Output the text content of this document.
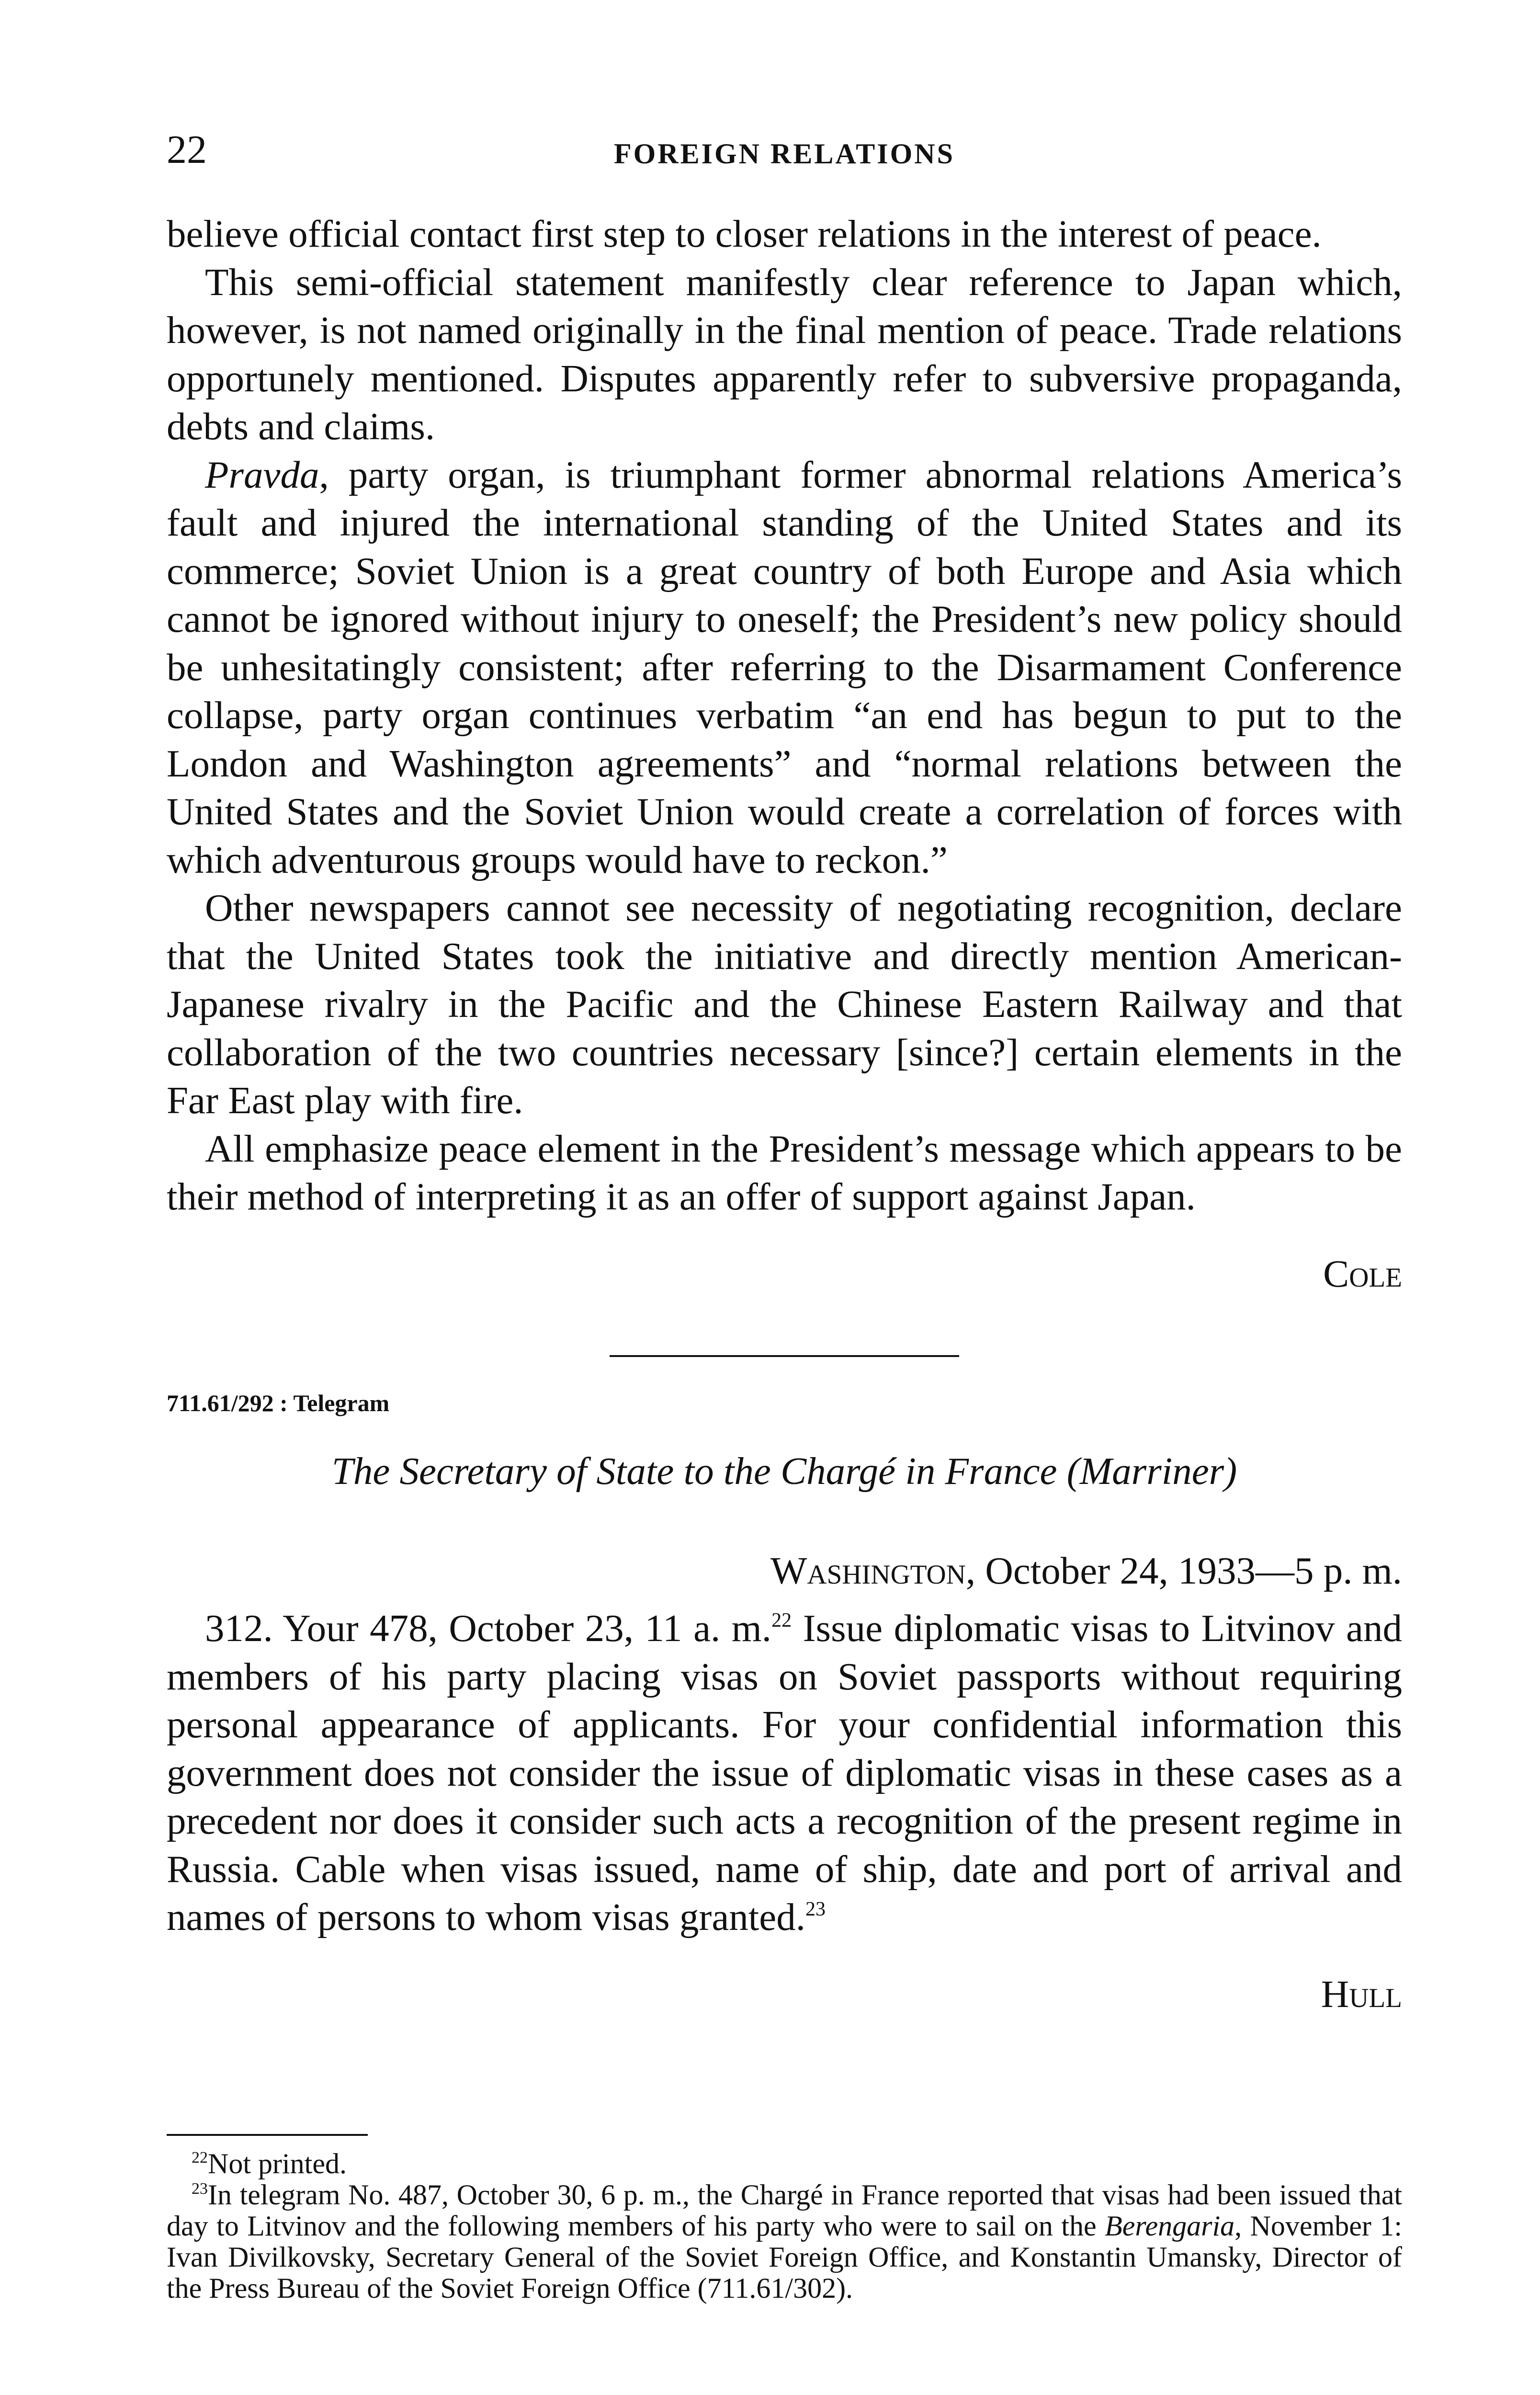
22	FOREIGN RELATIONS

believe official contact first step to closer relations in the interest of peace.

This semi-official statement manifestly clear reference to Japan which, however, is not named originally in the final mention of peace. Trade relations opportunely mentioned. Disputes apparently refer to subversive propaganda, debts and claims.

Pravda, party organ, is triumphant former abnormal relations America’s fault and injured the international standing of the United States and its commerce; Soviet Union is a great country of both Europe and Asia which cannot be ignored without injury to oneself; the President’s new policy should be unhesitatingly consistent; after referring to the Disarmament Conference collapse, party organ continues verbatim “an end has begun to put to the London and Washington agreements” and “normal relations between the United States and the Soviet Union would create a correlation of forces with which adventurous groups would have to reckon.”

Other newspapers cannot see necessity of negotiating recognition, declare that the United States took the initiative and directly mention American-Japanese rivalry in the Pacific and the Chinese Eastern Railway and that collaboration of the two countries necessary [since?] certain elements in the Far East play with fire.

All emphasize peace element in the President’s message which appears to be their method of interpreting it as an offer of support against Japan.

Cole
711.61/292 : Telegram
The Secretary of State to the Chargé in France (Marriner)
Washington, October 24, 1933—5 p. m.

312. Your 478, October 23, 11 a. m.$^{22}$ Issue diplomatic visas to Litvinov and members of his party placing visas on Soviet passports without requiring personal appearance of applicants. For your confidential information this government does not consider the issue of diplomatic visas in these cases as a precedent nor does it consider such acts a recognition of the present regime in Russia. Cable when visas issued, name of ship, date and port of arrival and names of persons to whom visas granted.$^{23}$

Hull

$^{22}$Not printed.

$^{23}$In telegram No. 487, October 30, 6 p. m., the Chargé in France reported that visas had been issued that day to Litvinov and the following members of his party who were to sail on the Berengaria, November 1: Ivan Divilkovsky, Secretary General of the Soviet Foreign Office, and Konstantin Umansky, Director of the Press Bureau of the Soviet Foreign Office (711.61/302).
